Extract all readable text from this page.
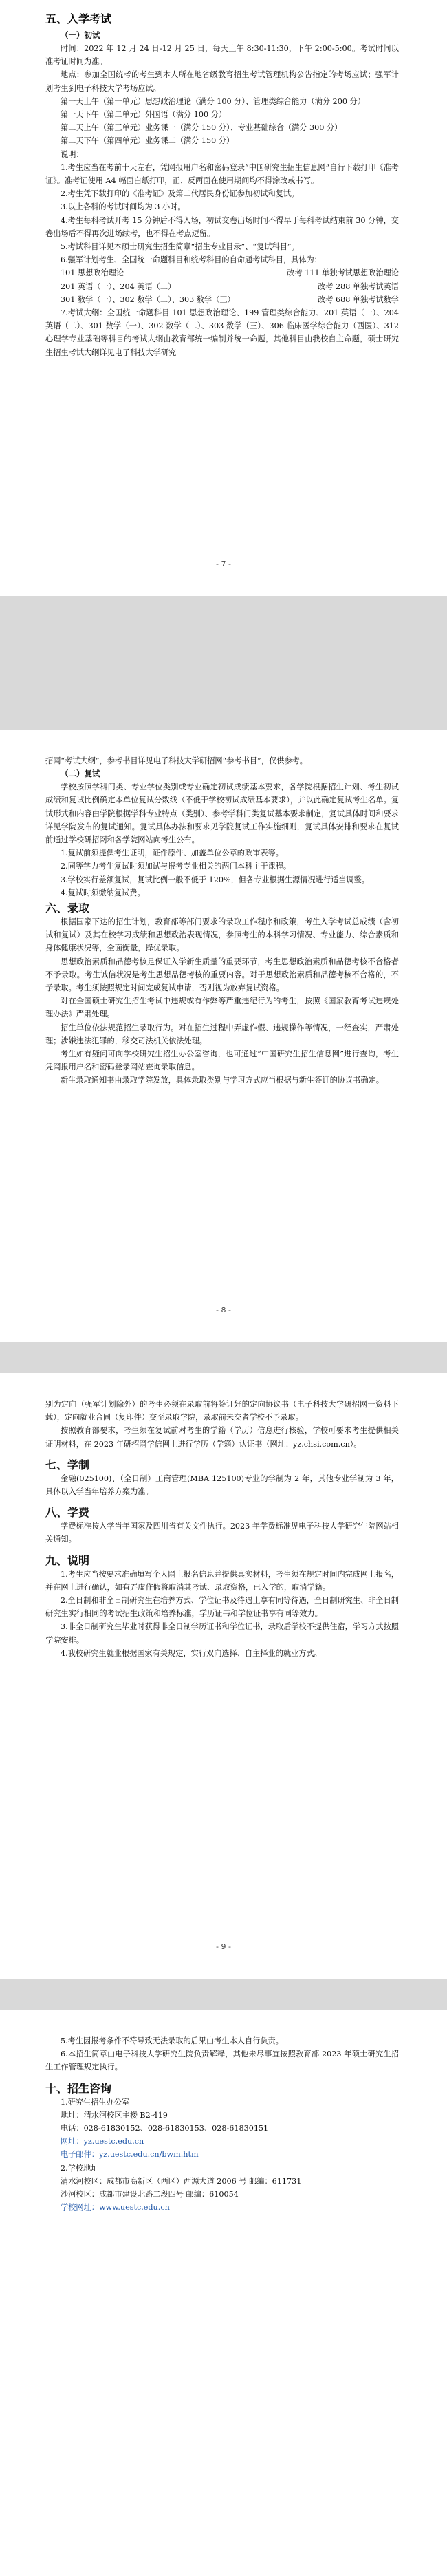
五、入学考试

（一）初试

时间：2022 年 12 月 24 日-12 月 25 日，每天上午 8:30-11:30，下午 2:00-5:00。考试时间以准考证时间为准。

地点：参加全国统考的考生到本人所在地省级教育招生考试管理机构公告指定的考场应试；强军计划考生到电子科技大学考场应试。

第一天上午（第一单元）思想政治理论（满分 100 分）、管理类综合能力（满分 200 分）

第一天下午（第二单元）外国语（满分 100 分）

第二天上午（第三单元）业务课一（满分 150 分）、专业基础综合（满分 300 分）

第二天下午（第四单元）业务课二（满分 150 分）

说明：

1.考生应当在考前十天左右，凭网报用户名和密码登录“中国研究生招生信息网”自行下载打印《准考证》。准考证使用 A4 幅面白纸打印，正、反两面在使用期间均不得涂改或书写。

2.考生凭下载打印的《准考证》及第二代居民身份证参加初试和复试。

3.以上各科的考试时间均为 3 小时。

4.考生每科考试开考 15 分钟后不得入场，初试交卷出场时间不得早于每科考试结束前 30 分钟，交卷出场后不得再次进场续考，也不得在考点逗留。

5.考试科目详见本硕士研究生招生简章“招生专业目录”、“复试科目”。

6.强军计划考生、全国统一命题科目和统考科目的自命题考试科目，具体为：

101 思想政治理论	改考 111 单独考试思想政治理论
201 英语（一）、204 英语（二）	改考 288 单独考试英语
301 数学（一）、302 数学（二）、303 数学（三）	改考 688 单独考试数学

7.考试大纲：全国统一命题科目 101 思想政治理论、199 管理类综合能力、201 英语（一）、204 英语（二）、301 数学（一）、302 数学（二）、303 数学（三）、306 临床医学综合能力（西医）、312 心理学专业基础等科目的考试大纲由教育部统一编制并统一命题，其他科目由我校自主命题，硕士研究生招生考试大纲详见电子科技大学研究

- 7 -

招网“考试大纲”，参考书目详见电子科技大学研招网“参考书目”，仅供参考。

（二）复试

学校按照学科门类、专业学位类别或专业确定初试成绩基本要求，各学院根据招生计划、考生初试成绩和复试比例确定本单位复试分数线（不低于学校初试成绩基本要求），并以此确定复试考生名单。复试形式和内容由学院根据学科专业特点（类别）、参考学科门类复试基本要求制定，复试具体时间和要求详见学院发布的复试通知。复试具体办法和要求见学院复试工作实施细则，复试具体安排和要求在复试前通过学校研招网和各学院网站向考生公布。

1.复试前须提供考生证明，证件原件、加盖单位公章的政审表等。

2.同等学力考生复试时须加试与报考专业相关的两门本科主干课程。

3.学校实行差额复试，复试比例一般不低于 120%，但各专业根据生源情况进行适当调整。

4.复试时须缴纳复试费。

六、录取

根据国家下达的招生计划，教育部等部门要求的录取工作程序和政策，考生入学考试总成绩（含初试和复试）及其在校学习成绩和思想政治表现情况，参照考生的本科学习情况、专业能力、综合素质和身体健康状况等，全面衡量，择优录取。

思想政治素质和品德考核是保证入学新生质量的重要环节，考生思想政治素质和品德考核不合格者不予录取。考生诚信状况是考生思想品德考核的重要内容。对于思想政治素质和品德考核不合格的，不予录取。考生须按照规定时间完成复试申请，否则视为放弃复试资格。

对在全国硕士研究生招生考试中违规或有作弊等严重违纪行为的考生，按照《国家教育考试违规处理办法》严肃处理。

招生单位依法规范招生录取行为。对在招生过程中弄虚作假、违规操作等情况，一经查实，严肃处理；涉嫌违法犯罪的，移交司法机关依法处理。

考生如有疑问可向学校研究生招生办公室咨询，也可通过“中国研究生招生信息网”进行查询，考生凭网报用户名和密码登录网站查询录取信息。

新生录取通知书由录取学院发放，具体录取类别与学习方式应当根据与新生签订的协议书确定。

- 8 -

别为定向（强军计划除外）的考生必须在录取前将签订好的定向协议书（电子科技大学研招网一资料下载），定向就业合同（复印件）交至录取学院，录取前未交者学校不予录取。

按照教育部要求，考生须在复试前对考生的学籍（学历）信息进行核验，学校可要求考生提供相关证明材料，在 2023 年研招网学信网上进行学历（学籍）认证书（网址：yz.chsi.com.cn）。

七、学制

金融(025100)、（全日制）工商管理(MBA 125100)专业的学制为 2 年，其他专业学制为 3 年，具体以入学当年培养方案为准。

八、学费

学费标准按入学当年国家及四川省有关文件执行。2023 年学费标准见电子科技大学研究生院网站相关通知。

九、说明

1.考生应当按要求准确填写个人网上报名信息并提供真实材料，考生须在规定时间内完成网上报名，并在网上进行确认，如有弄虚作假将取消其考试、录取资格，已入学的，取消学籍。

2.全日制和非全日制研究生在培养方式、学位证书及待遇上享有同等待遇，全日制研究生、非全日制研究生实行相同的考试招生政策和培养标准，学历证书和学位证书享有同等效力。

3.非全日制研究生毕业时获得非全日制学历证书和学位证书，录取后学校不提供住宿，学习方式按照学院安排。

4.我校研究生就业根据国家有关规定，实行双向选择、自主择业的就业方式。

- 9 -

5.考生因报考条件不符导致无法录取的后果由考生本人自行负责。

6.本招生简章由电子科技大学研究生院负责解释，其他未尽事宜按照教育部 2023 年硕士研究生招生工作管理规定执行。

十、招生咨询

1.研究生招生办公室

地址：清水河校区主楼 B2-419

电话：028-61830152、028-61830153、028-61830151

网址：yz.uestc.edu.cn

电子邮件：yz.uestc.edu.cn/bwm.htm

2.学校地址

清水河校区：成都市高新区（西区）西源大道 2006 号 邮编：611731

沙河校区：成都市建设北路二段四号 邮编：610054

学校网址：www.uestc.edu.cn
